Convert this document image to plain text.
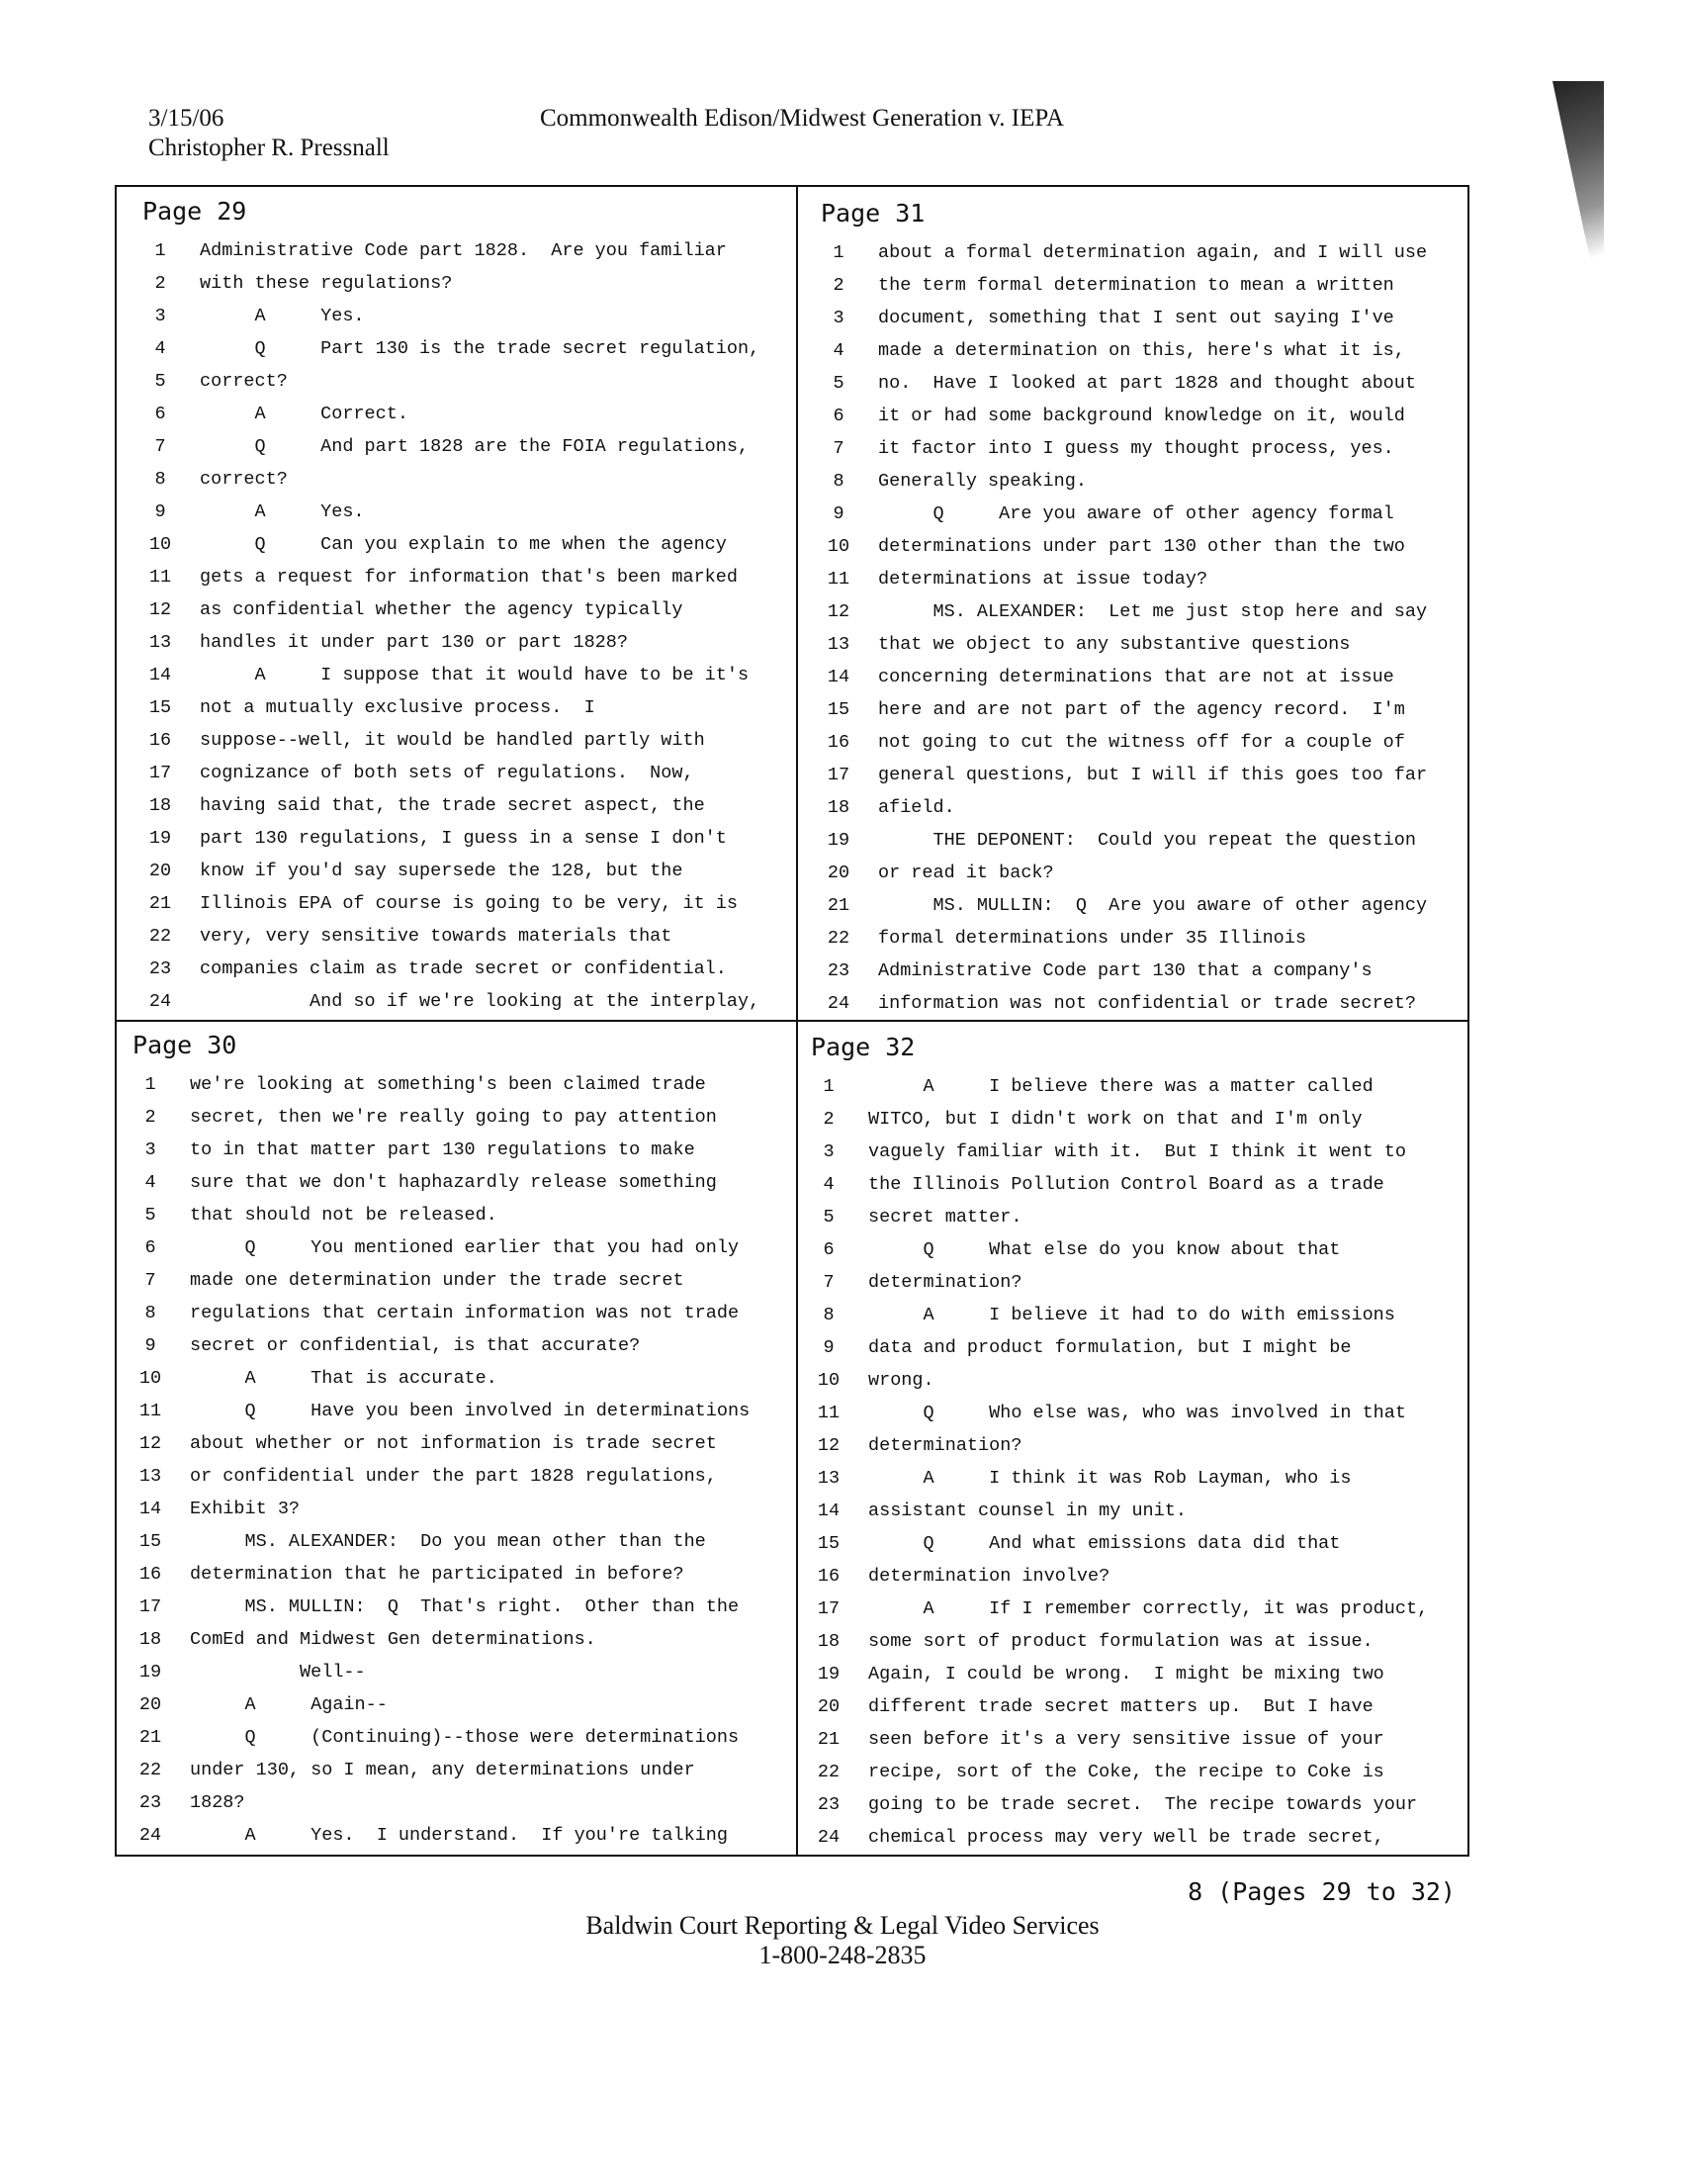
3/15/06
Christopher R. Pressnall
Commonwealth Edison/Midwest Generation v. IEPA
Page 29
1	Administrative Code part 1828.  Are you familiar
2	with these regulations?
3	A     Yes.
4	Q     Part 130 is the trade secret regulation,
5	correct?
6	A     Correct.
7	Q     And part 1828 are the FOIA regulations,
8	correct?
9	A     Yes.
10	Q     Can you explain to me when the agency
11	gets a request for information that's been marked
12	as confidential whether the agency typically
13	handles it under part 130 or part 1828?
14	A     I suppose that it would have to be it's
15	not a mutually exclusive process.  I
16	suppose--well, it would be handled partly with
17	cognizance of both sets of regulations.  Now,
18	having said that, the trade secret aspect, the
19	part 130 regulations, I guess in a sense I don't
20	know if you'd say supersede the 128, but the
21	Illinois EPA of course is going to be very, it is
22	very, very sensitive towards materials that
23	companies claim as trade secret or confidential.
24	And so if we're looking at the interplay,
Page 31
1	about a formal determination again, and I will use
2	the term formal determination to mean a written
3	document, something that I sent out saying I've
4	made a determination on this, here's what it is,
5	no.  Have I looked at part 1828 and thought about
6	it or had some background knowledge on it, would
7	it factor into I guess my thought process, yes.
8	Generally speaking.
9	Q     Are you aware of other agency formal
10	determinations under part 130 other than the two
11	determinations at issue today?
12	MS. ALEXANDER:  Let me just stop here and say
13	that we object to any substantive questions
14	concerning determinations that are not at issue
15	here and are not part of the agency record.  I'm
16	not going to cut the witness off for a couple of
17	general questions, but I will if this goes too far
18	afield.
19	THE DEPONENT:  Could you repeat the question
20	or read it back?
21	MS. MULLIN:  Q  Are you aware of other agency
22	formal determinations under 35 Illinois
23	Administrative Code part 130 that a company's
24	information was not confidential or trade secret?
Page 30
1	we're looking at something's been claimed trade
2	secret, then we're really going to pay attention
3	to in that matter part 130 regulations to make
4	sure that we don't haphazardly release something
5	that should not be released.
6	Q     You mentioned earlier that you had only
7	made one determination under the trade secret
8	regulations that certain information was not trade
9	secret or confidential, is that accurate?
10	A     That is accurate.
11	Q     Have you been involved in determinations
12	about whether or not information is trade secret
13	or confidential under the part 1828 regulations,
14	Exhibit 3?
15	MS. ALEXANDER:  Do you mean other than the
16	determination that he participated in before?
17	MS. MULLIN:  Q  That's right.  Other than the
18	ComEd and Midwest Gen determinations.
19	Well--
20	A     Again--
21	Q     (Continuing)--those were determinations
22	under 130, so I mean, any determinations under
23	1828?
24	A     Yes.  I understand.  If you're talking
Page 32
1	A     I believe there was a matter called
2	WITCO, but I didn't work on that and I'm only
3	vaguely familiar with it.  But I think it went to
4	the Illinois Pollution Control Board as a trade
5	secret matter.
6	Q     What else do you know about that
7	determination?
8	A     I believe it had to do with emissions
9	data and product formulation, but I might be
10	wrong.
11	Q     Who else was, who was involved in that
12	determination?
13	A     I think it was Rob Layman, who is
14	assistant counsel in my unit.
15	Q     And what emissions data did that
16	determination involve?
17	A     If I remember correctly, it was product,
18	some sort of product formulation was at issue.
19	Again, I could be wrong.  I might be mixing two
20	different trade secret matters up.  But I have
21	seen before it's a very sensitive issue of your
22	recipe, sort of the Coke, the recipe to Coke is
23	going to be trade secret.  The recipe towards your
24	chemical process may very well be trade secret,
8 (Pages 29 to 32)
Baldwin Court Reporting & Legal Video Services
1-800-248-2835
